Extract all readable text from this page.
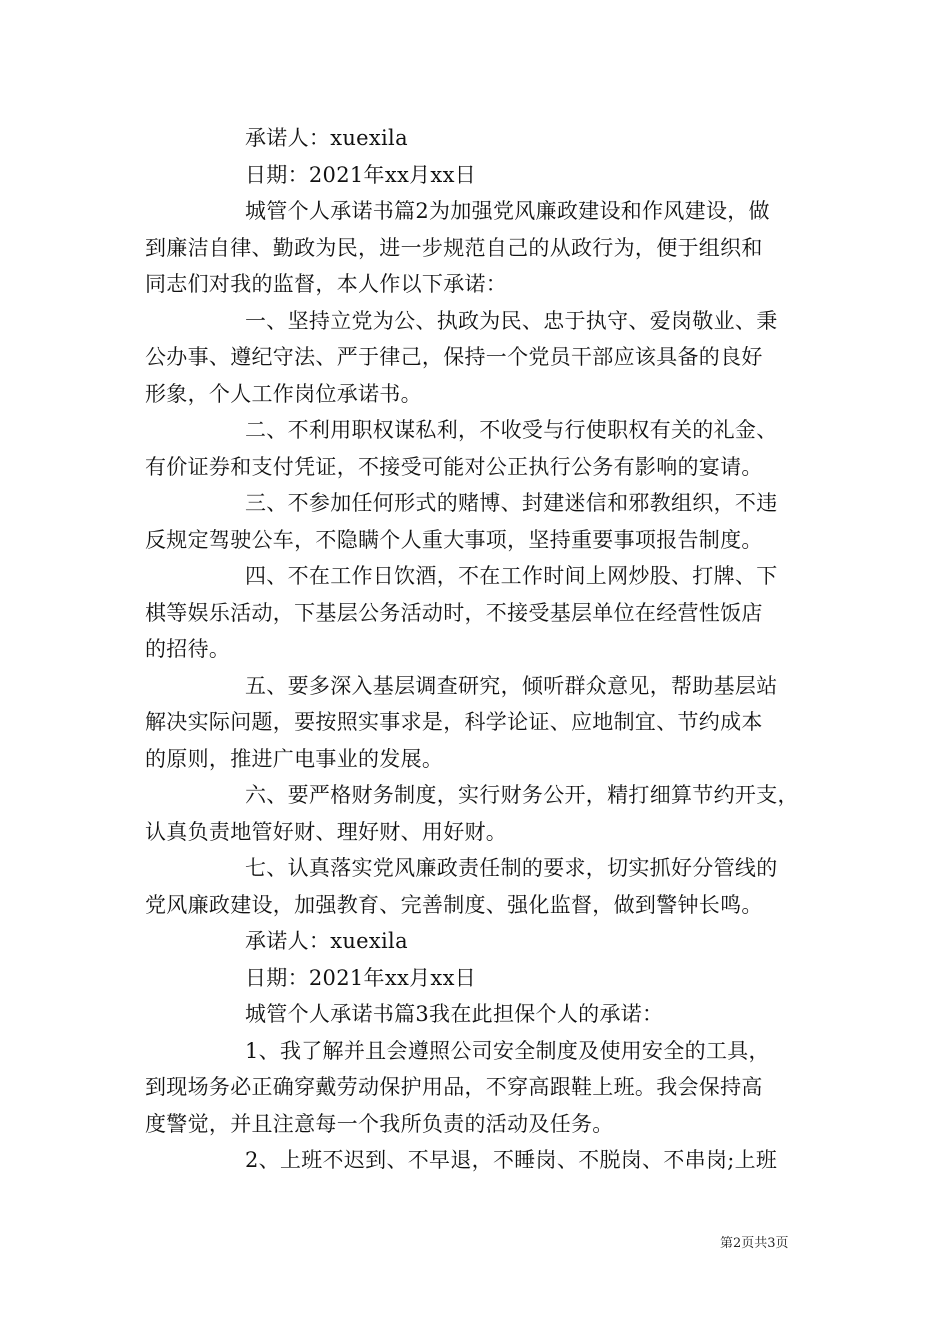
承诺人：xuexila
日期：2021年xx月xx日
城管个人承诺书篇2为加强党风廉政建设和作风建设，做
到廉洁自律、勤政为民，进一步规范自己的从政行为，便于组织和
同志们对我的监督，本人作以下承诺：
一、坚持立党为公、执政为民、忠于执守、爱岗敬业、秉
公办事、遵纪守法、严于律己，保持一个党员干部应该具备的良好
形象，个人工作岗位承诺书。
二、不利用职权谋私利，不收受与行使职权有关的礼金、
有价证券和支付凭证，不接受可能对公正执行公务有影响的宴请。
三、不参加任何形式的赌博、封建迷信和邪教组织，不违
反规定驾驶公车，不隐瞒个人重大事项，坚持重要事项报告制度。
四、不在工作日饮酒，不在工作时间上网炒股、打牌、下
棋等娱乐活动，下基层公务活动时，不接受基层单位在经营性饭店
的招待。
五、要多深入基层调查研究，倾听群众意见，帮助基层站
解决实际问题，要按照实事求是，科学论证、应地制宜、节约成本
的原则，推进广电事业的发展。
六、要严格财务制度，实行财务公开，精打细算节约开支，
认真负责地管好财、理好财、用好财。
七、认真落实党风廉政责任制的要求，切实抓好分管线的
党风廉政建设，加强教育、完善制度、强化监督，做到警钟长鸣。
承诺人：xuexila
日期：2021年xx月xx日
城管个人承诺书篇3我在此担保个人的承诺：
1、我了解并且会遵照公司安全制度及使用安全的工具，
到现场务必正确穿戴劳动保护用品，不穿高跟鞋上班。我会保持高
度警觉，并且注意每一个我所负责的活动及任务。
2、上班不迟到、不早退，不睡岗、不脱岗、不串岗;上班
第2页共3页
